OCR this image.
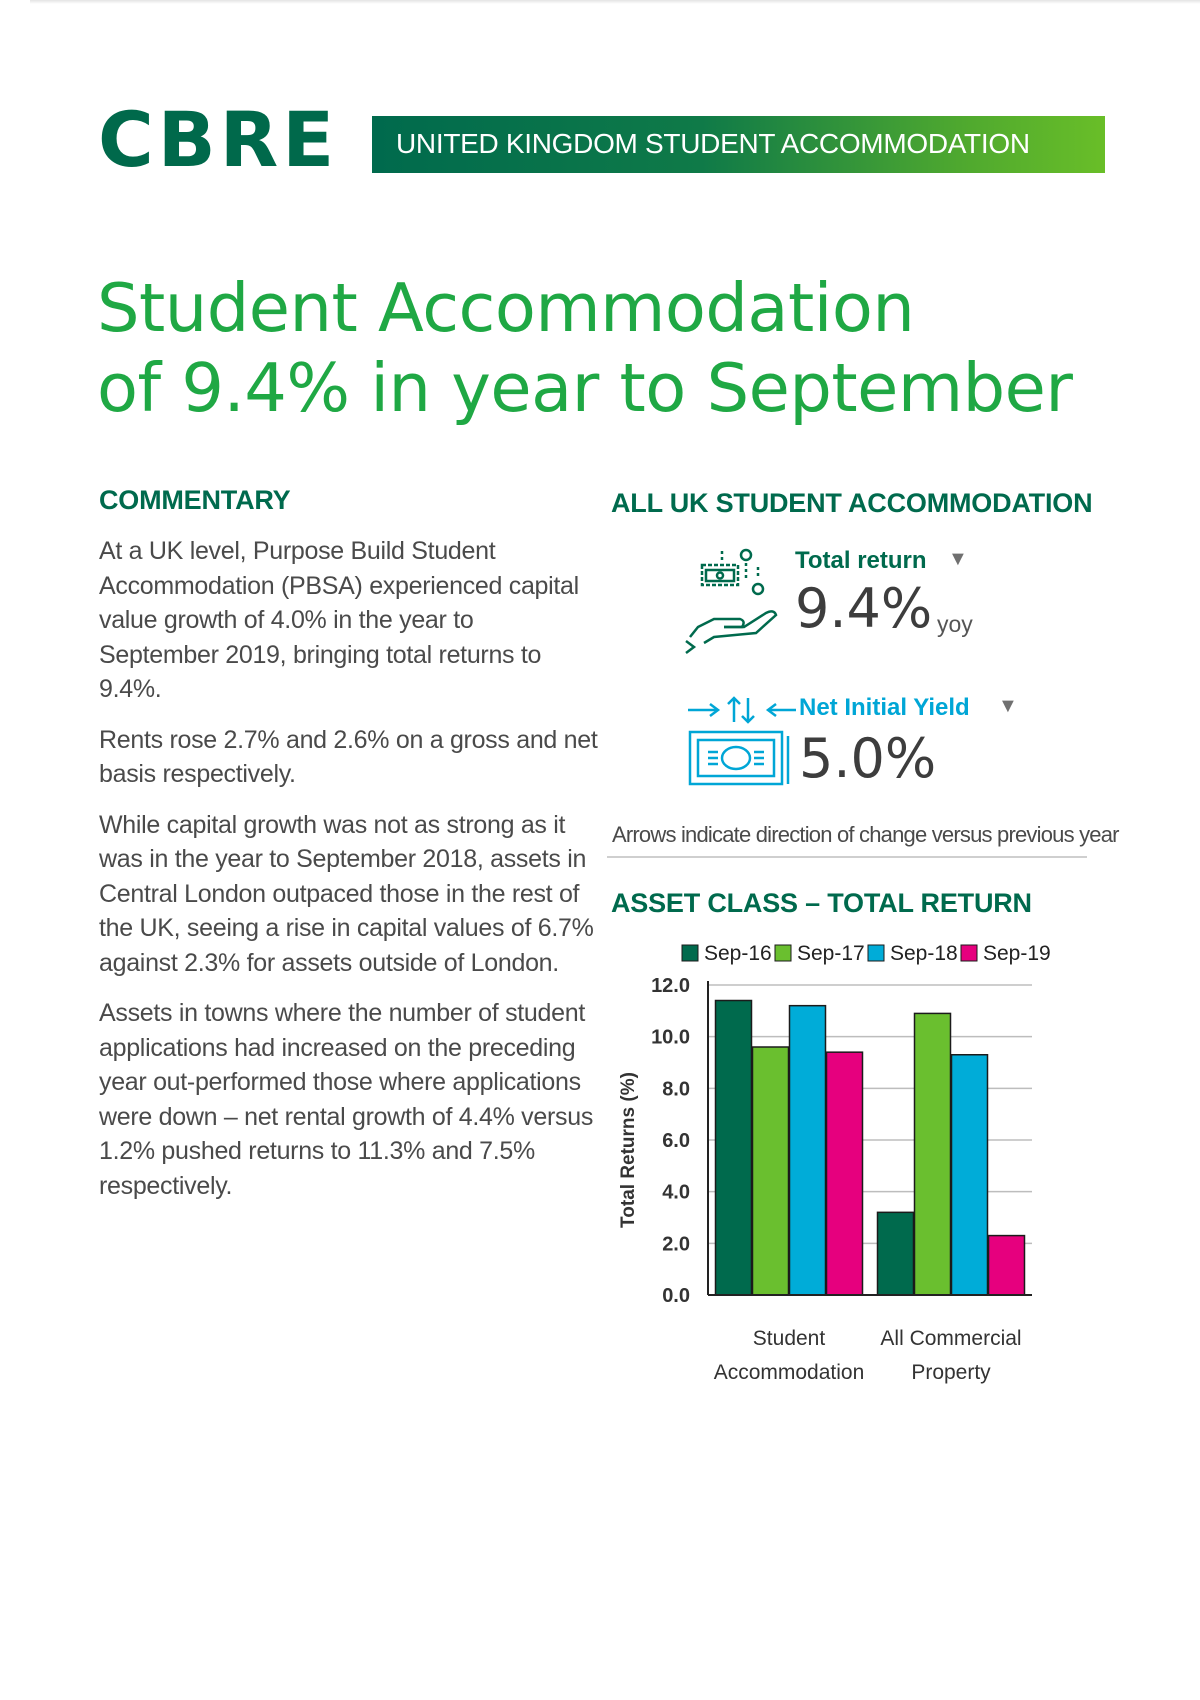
CBRE UNITED KINGDOM STUDENT ACCOMMODATION
Student Accommodation
of 9.4% in year to September
COMMENTARY

At a UK level, Purpose Build Student Accommodation (PBSA) experienced capital value growth of 4.0% in the year to September 2019, bringing total returns to 9.4%.

Rents rose 2.7% and 2.6% on a gross and net basis respectively.

While capital growth was not as strong as it was in the year to September 2018, assets in Central London outpaced those in the rest of the UK, seeing a rise in capital values of 6.7% against 2.3% for assets outside of London.

Assets in towns where the number of student applications had increased on the preceding year out-performed those where applications were down – net rental growth of 4.4% versus 1.2% pushed returns to 11.3% and 7.5% respectively.

ALL UK STUDENT ACCOMMODATION
Total return ▼
9.4% yoy
Net Initial Yield ▼
5.0%
Arrows indicate direction of change versus previous year
ASSET CLASS – TOTAL RETURN
0.0
2.0
4.0
6.0
8.0
10.0
12.0
Student
Accommodation
All Commercial
Property
Total Returns (%)
Sep-16 Sep-17 Sep-18 Sep-19
